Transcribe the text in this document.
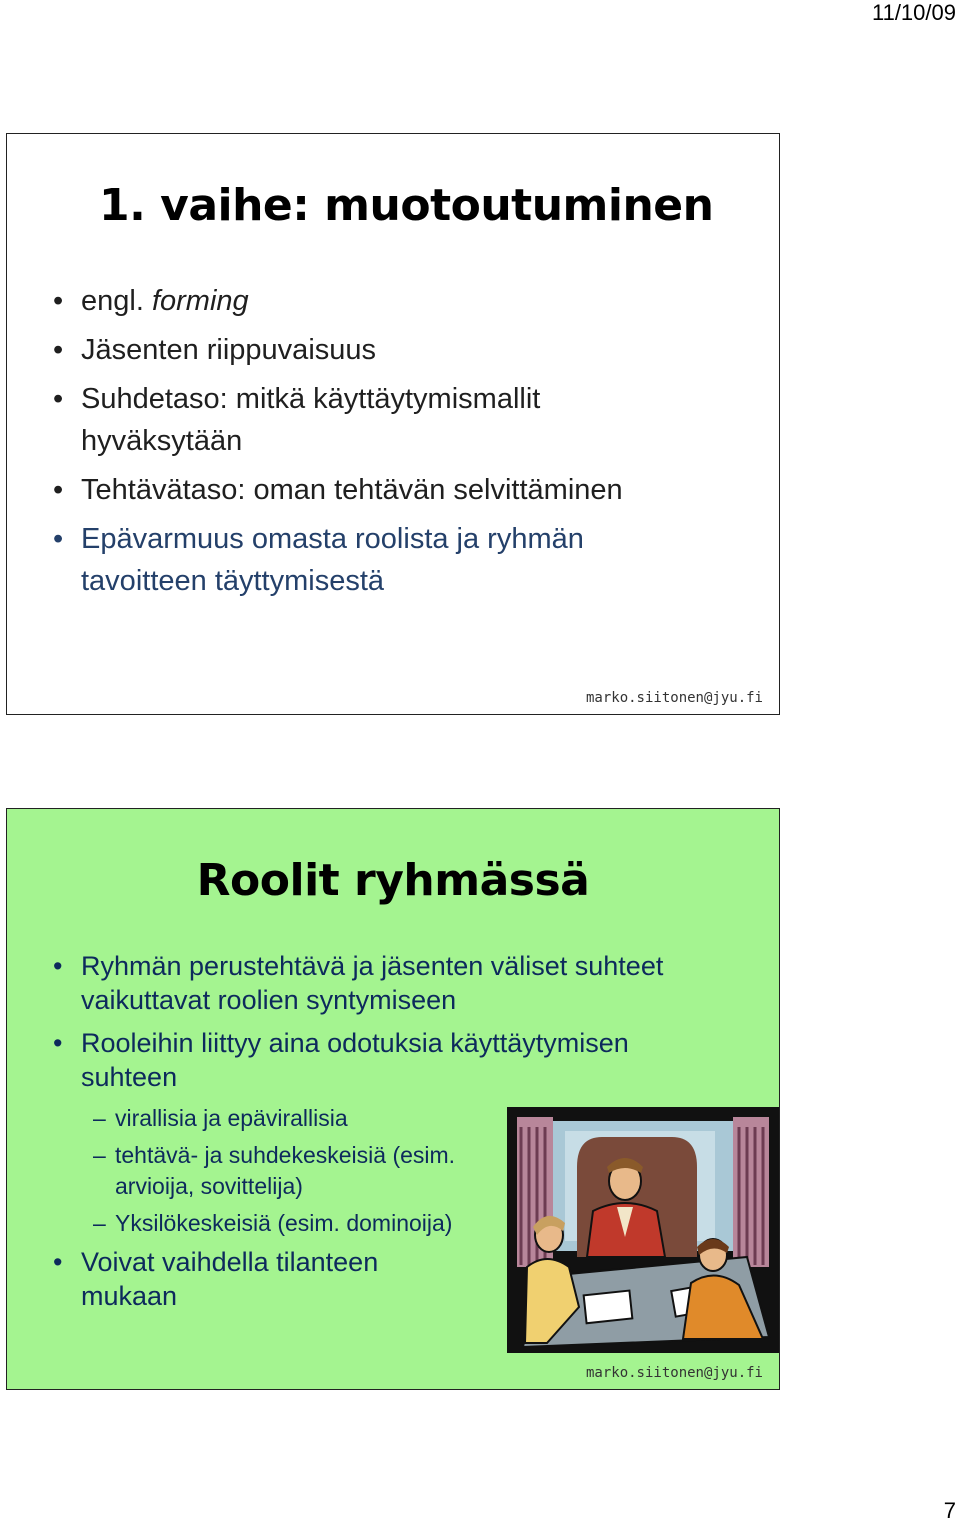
11/10/09
1. vaihe: muotoutuminen
• engl. forming
• Jäsenten riippuvaisuus
• Suhdetaso: mitkä käyttäytymismallit hyväksytään
• Tehtävätaso: oman tehtävän selvittäminen
• Epävarmuus omasta roolista ja ryhmän tavoitteen täyttymisestä
marko.siitonen@jyu.fi
Roolit ryhmässä
• Ryhmän perustehtävä ja jäsenten väliset suhteet vaikuttavat roolien syntymiseen
• Rooleihin liittyy aina odotuksia käyttäytymisen suhteen
– virallisia ja epävirallisia
– tehtävä- ja suhdekeskeisiä (esim. arvioija, sovittelija)
– Yksilökeskeisiä (esim. dominoija)
• Voivat vaihdella tilanteen mukaan
marko.siitonen@jyu.fi
7
